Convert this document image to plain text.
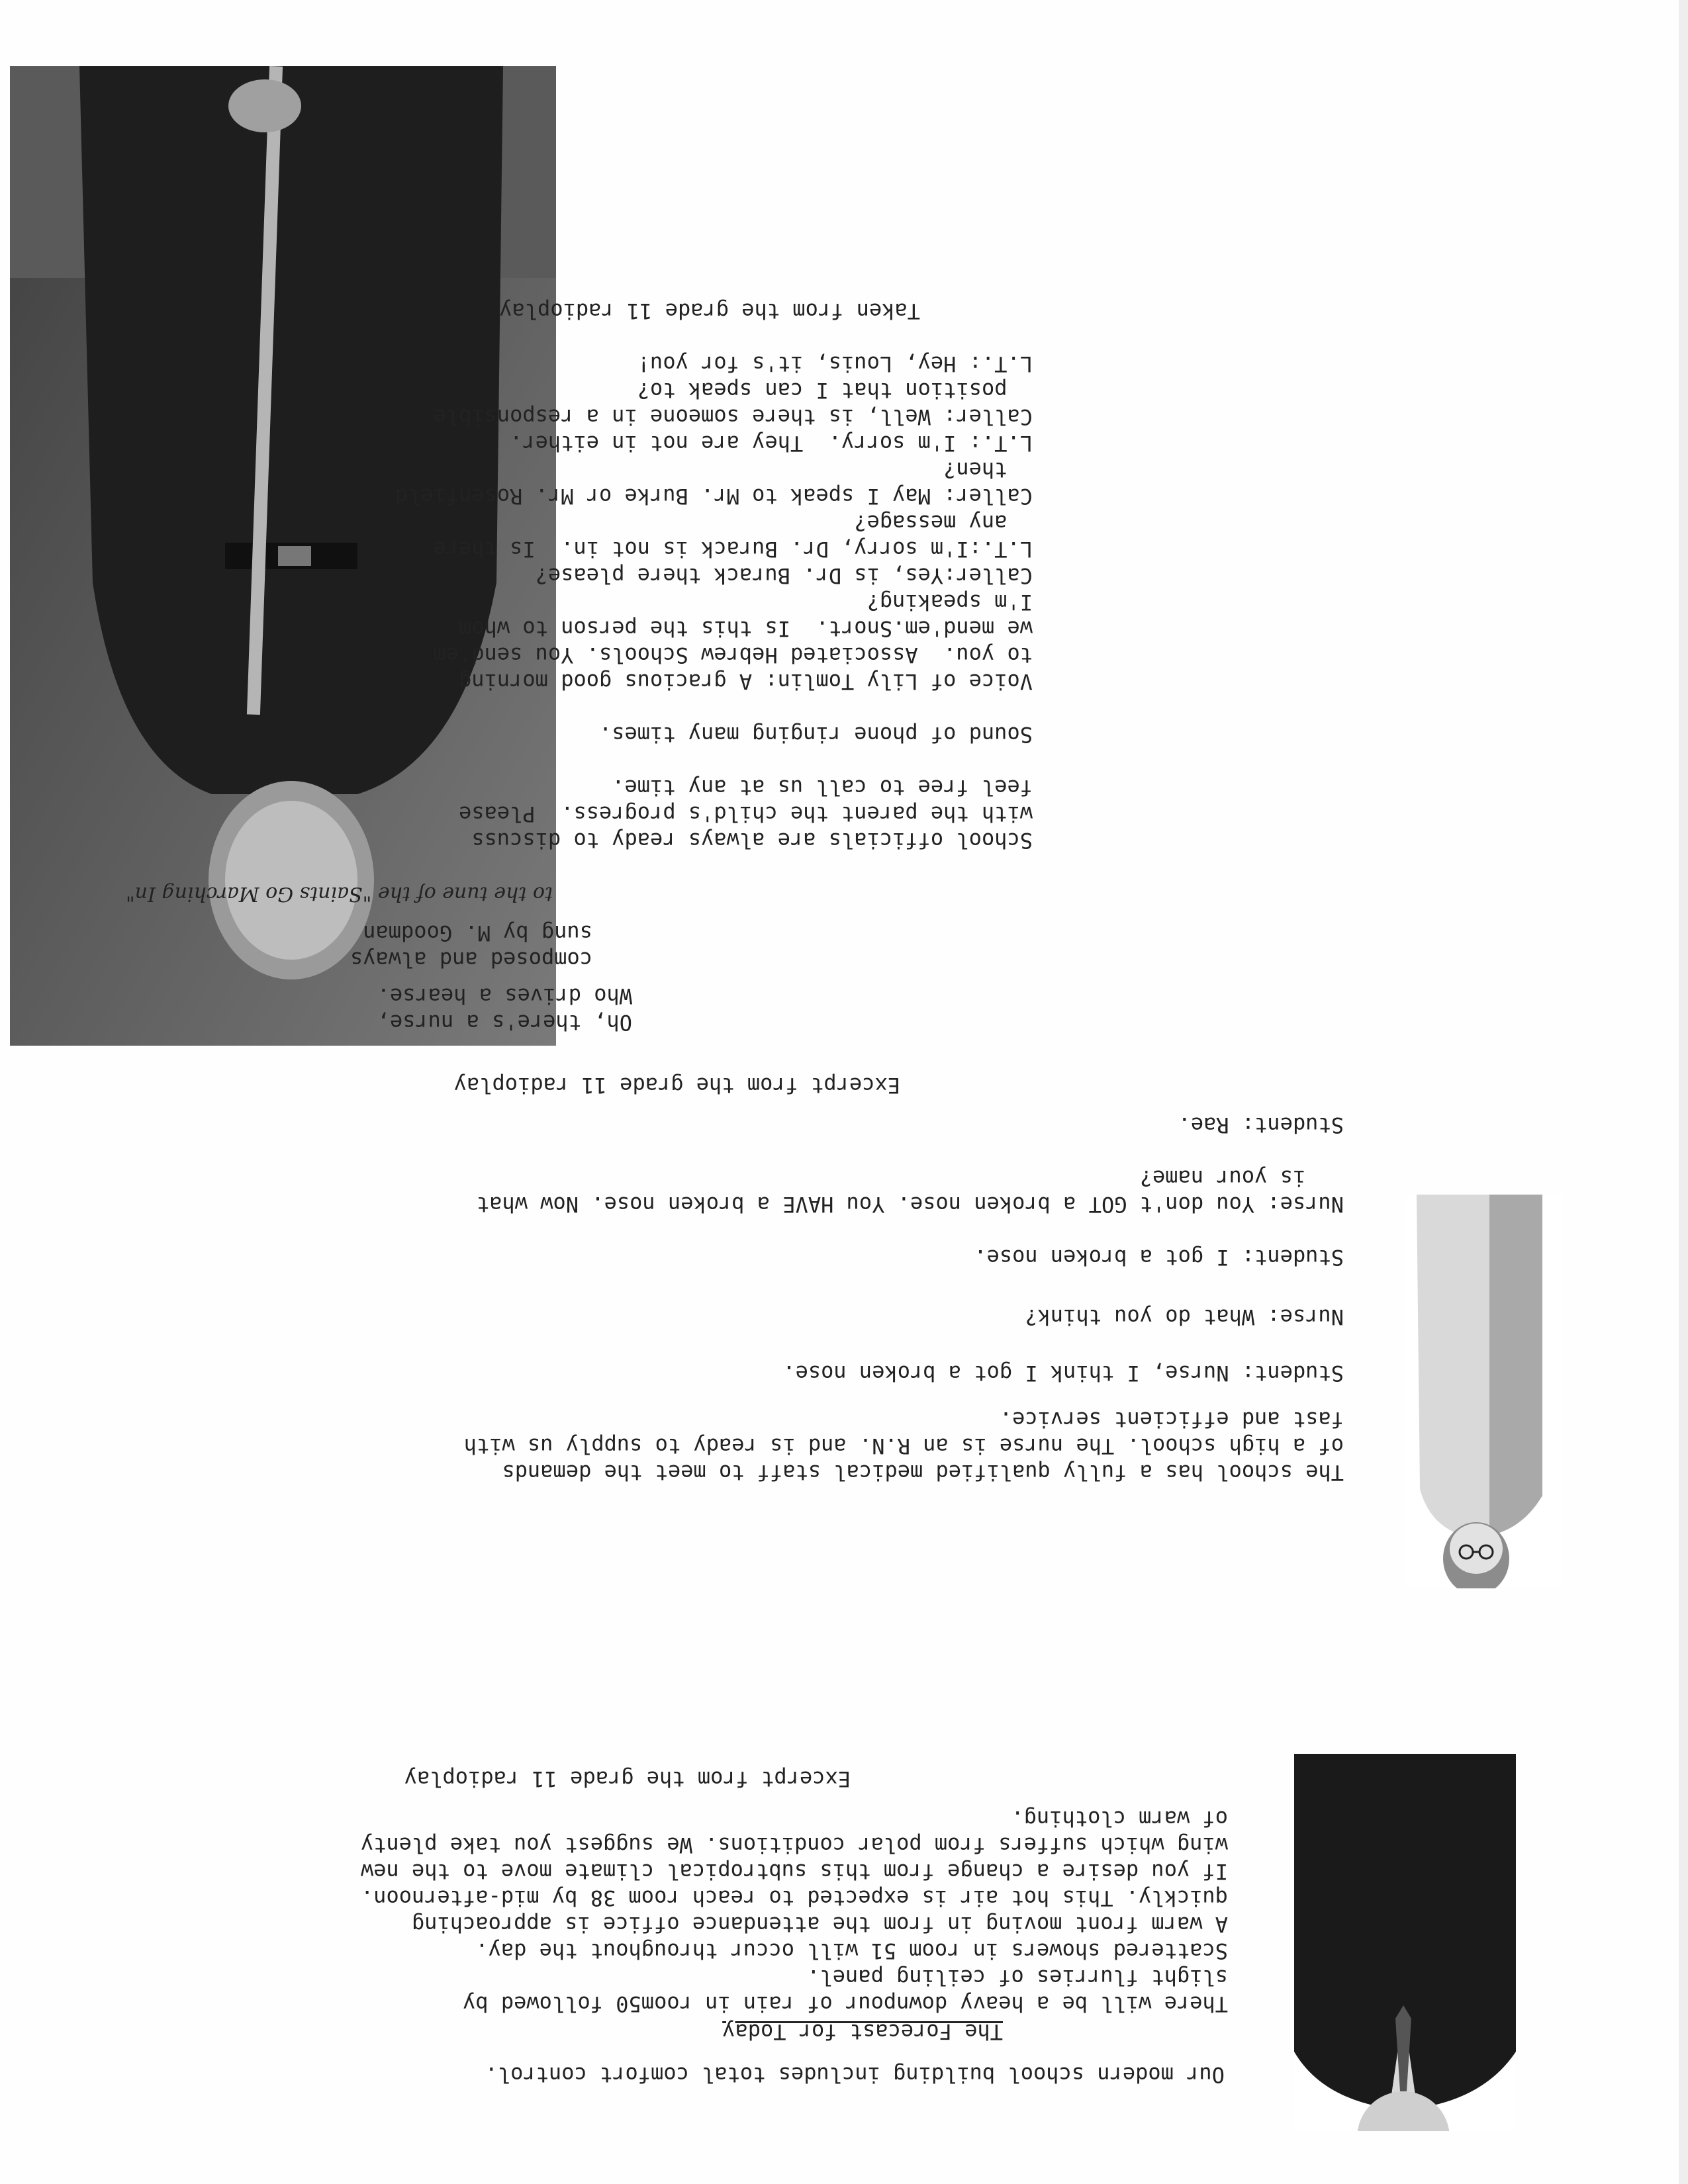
Our modern school building includes total comfort control.

The Forecast for Today

There will be a heavy downpour of rain in room50 followed by

slight flurries of ceiling panel.

Scattered showers in room 51 will occur throughout the day.

A warm front moving in from the attendance office is approaching

quickly. This hot air is expected to reach room 38 by mid-afternoon.

If you desire a change from this subtropical climate move to the new

wing which suffers from polar conditions. We suggest you take plenty

of warm clothing.

Excerpt from the grade 11 radioplay

The school has a fully qualified medical staff to meet the demands

of a high school. The nurse is an R.N. and is ready to supply us with

fast and efficient service.

Student: Nurse, I think I got a broken nose.

Nurse: What do you think?

Student: I got a broken nose.

Nurse: You don't GOT a broken nose. You HAVE a broken nose. Now what

is your name?

Student: Rae.

Excerpt from the grade 11 radioplay

Oh, there's a nurse,

Who drives a hearse.

composed and always

sung by M. Goodman

to the tune of the "Saints Go Marching In"

School officials are always ready to discuss

with the parent the child's progress.  Please

feel free to call us at any time.

Sound of phone ringing many times.

Voice of Lily Tomlin: A gracious good morning

to you.  Associated Hebrew Schools. You send'em

we mend'em.Snort.  Is this the person to whom

I'm speaking?

Caller:Yes, is Dr. Burack there please?

L.T.:I'm sorry, Dr. Burack is not in.  Is there

any message?

Caller: May I speak to Mr. Burke or Mr. Rosenfield

then?

L.T.: I'm sorry.  They are not in either.

Caller: Well, is there someone in a responsible

position that I can speak to?

L.T.: Hey, Louis, it's for you!

Taken from the grade 11 radioplay
